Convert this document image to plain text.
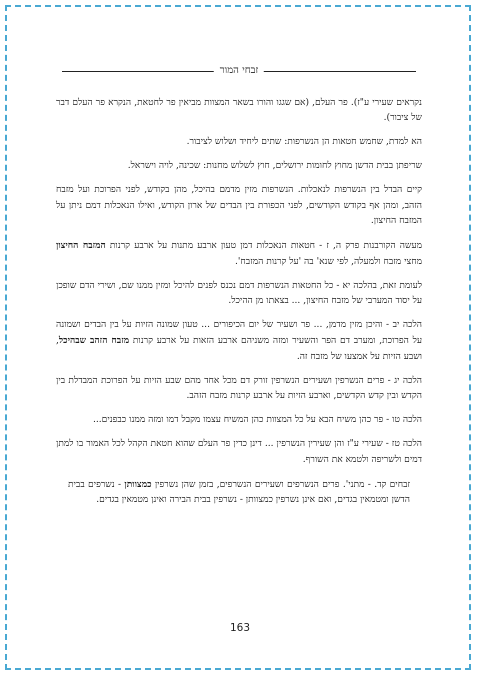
זבחי המור

נקראים שעירי ע"ז). פר העלם, (אם שגגו והורו בשאר המצוות מביאין פר לחטאת, הנקרא פר העלם דבר של ציבור).

הא למדת, שחמש חטאות הן הנשרפות: שתים ליחיד ושלוש לציבור.

שריפתן בבית הדשן מחוץ לחומות ירושלים, חוץ לשלוש מחנות: שכינה, לויה וישראל.

קיים הבדל בין הנשרפות לנאכלות. הנשרפות מזין מדמם בהיכל, מהן בקודש, לפני הפרוכת ועל מזבח הזהב, ומהן אף בקודש הקודשים, לפני הכפורת בין הבדים של ארון הקודש, ואילו הנאכלות דמם ניתן על המזבח החיצון.

מעשה הקורבנות פרק ה, ז - חטאות הנאכלות דמן טעון ארבע מתנות על ארבע קרנות המזבח החיצון מחצי מזבח ולמעלה, לפי שנא' בה 'על קרנות המזבח'.

לעומת זאת, בהלכה יא - כל החטאות הנשרפות דמם נכנס לפנים להיכל ומזין ממנו שם, ושירי הדם שופכן על יסוד המערבי של מזבח החיצון, ... בצאתו מן ההיכל.

הלכה יב - והיכן מזין מדמן, ... פר ושעיר של יום הכיפורים ... טעון שמונה הזיות על בין הבדים ושמונה על הפרוכת, ומערב דם הפר והשעיר ומזה משניהם ארבע הזאות על ארבע קרנות מזבח הזהב שבהיכל, ושבע הזיות על אמצעו של מזבח זה.

הלכה יג - פרים הנשרפין ושעירים הנשרפין זורק דם מכל אחד מהם שבע הזיות על הפרוכת המבדלת בין הקדש ובין קדש הקדשים, וארבע הזיות על ארבע קרנות מזבח הזהב.

הלכה טו - פר כהן משיח הבא על כל המצוות כהן המשיח עצמו מקבל דמו ומזה ממנו כבפנים...

הלכה טז - שעירי ע"ז והן שעירין הנשרפין ... דינן כדין פר העלם שהוא חטאת הקהל לכל האמור בו למתן דמים ולשריפה ולטמא את השורף.

זבחים קד. - מתני'. פרים הנשרפים ושעירים הנשרפים, בזמן שהן נשרפין כמצוותן - נשרפים בבית הדשן ומטמאין בגדים, ואם אינן נשרפין כמצוותן - נשרפין בבית הבירה ואינן מטמאין בגדים.

163
